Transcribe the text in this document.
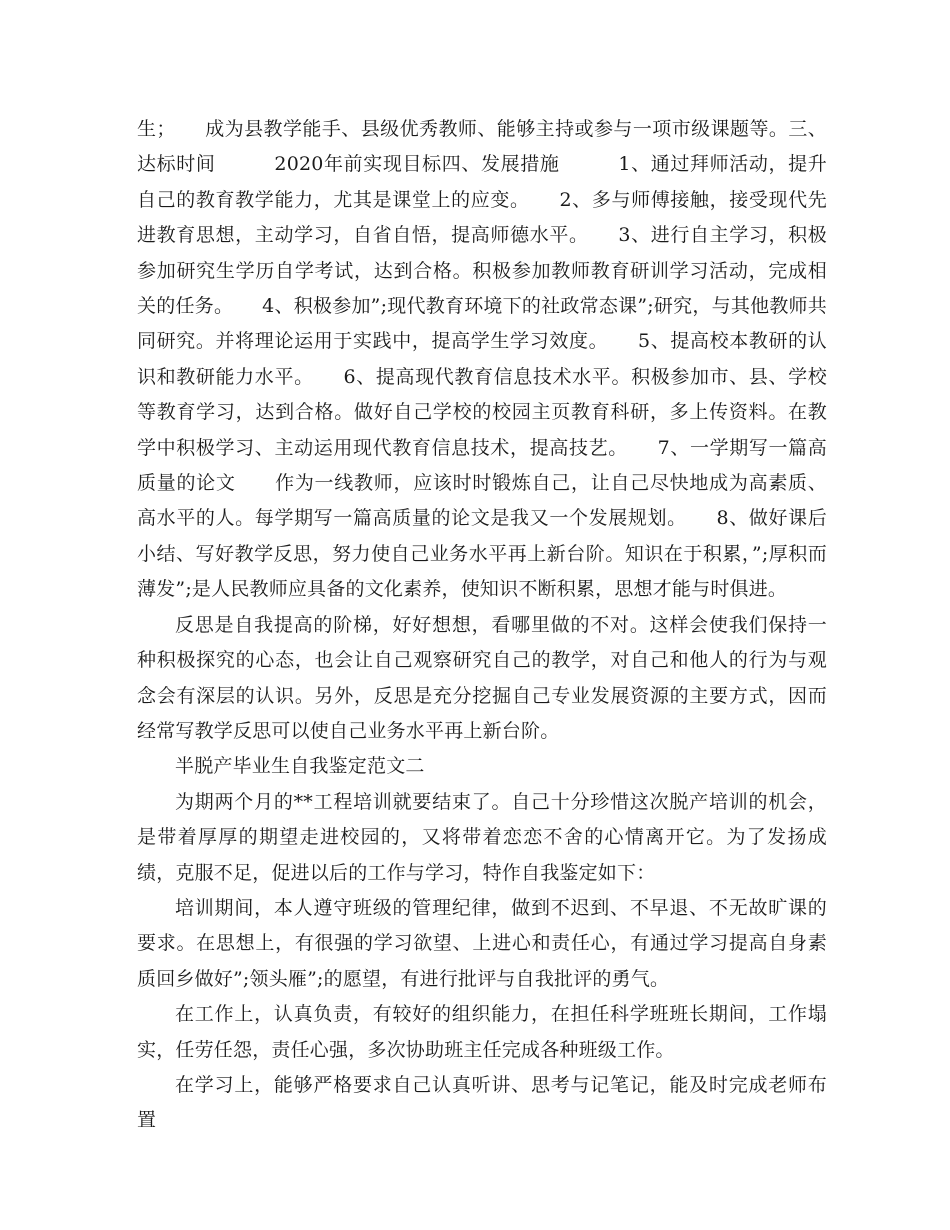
生；　　成为县教学能手、县级优秀教师、能够主持或参与一项市级课题等。三、达标时间　　　2020年前实现目标四、发展措施　　　1、通过拜师活动，提升自己的教育教学能力，尤其是课堂上的应变。　　2、多与师傅接触，接受现代先进教育思想，主动学习，自省自悟，提高师德水平。　　3、进行自主学习，积极参加研究生学历自学考试，达到合格。积极参加教师教育研训学习活动，完成相关的任务。　　4、积极参加”;现代教育环境下的社政常态课”;研究，与其他教师共同研究。并将理论运用于实践中，提高学生学习效度。　　5、提高校本教研的认识和教研能力水平。　　6、提高现代教育信息技术水平。积极参加市、县、学校等教育学习，达到合格。做好自己学校的校园主页教育科研，多上传资料。在教学中积极学习、主动运用现代教育信息技术，提高技艺。　　7、一学期写一篇高质量的论文　　作为一线教师，应该时时锻炼自己，让自己尽快地成为高素质、高水平的人。每学期写一篇高质量的论文是我又一个发展规划。　　8、做好课后小结、写好教学反思，努力使自己业务水平再上新台阶。知识在于积累，”;厚积而薄发”;是人民教师应具备的文化素养，使知识不断积累，思想才能与时俱进。

反思是自我提高的阶梯，好好想想，看哪里做的不对。这样会使我们保持一种积极探究的心态，也会让自己观察研究自己的教学，对自己和他人的行为与观念会有深层的认识。另外，反思是充分挖掘自己专业发展资源的主要方式，因而经常写教学反思可以使自己业务水平再上新台阶。

半脱产毕业生自我鉴定范文二

为期两个月的**工程培训就要结束了。自己十分珍惜这次脱产培训的机会，是带着厚厚的期望走进校园的，又将带着恋恋不舍的心情离开它。为了发扬成绩，克服不足，促进以后的工作与学习，特作自我鉴定如下：

培训期间，本人遵守班级的管理纪律，做到不迟到、不早退、不无故旷课的要求。在思想上，有很强的学习欲望、上进心和责任心，有通过学习提高自身素质回乡做好”;领头雁”;的愿望，有进行批评与自我批评的勇气。

在工作上，认真负责，有较好的组织能力，在担任科学班班长期间，工作塌实，任劳任怨，责任心强，多次协助班主任完成各种班级工作。

在学习上，能够严格要求自己认真听讲、思考与记笔记，能及时完成老师布置
